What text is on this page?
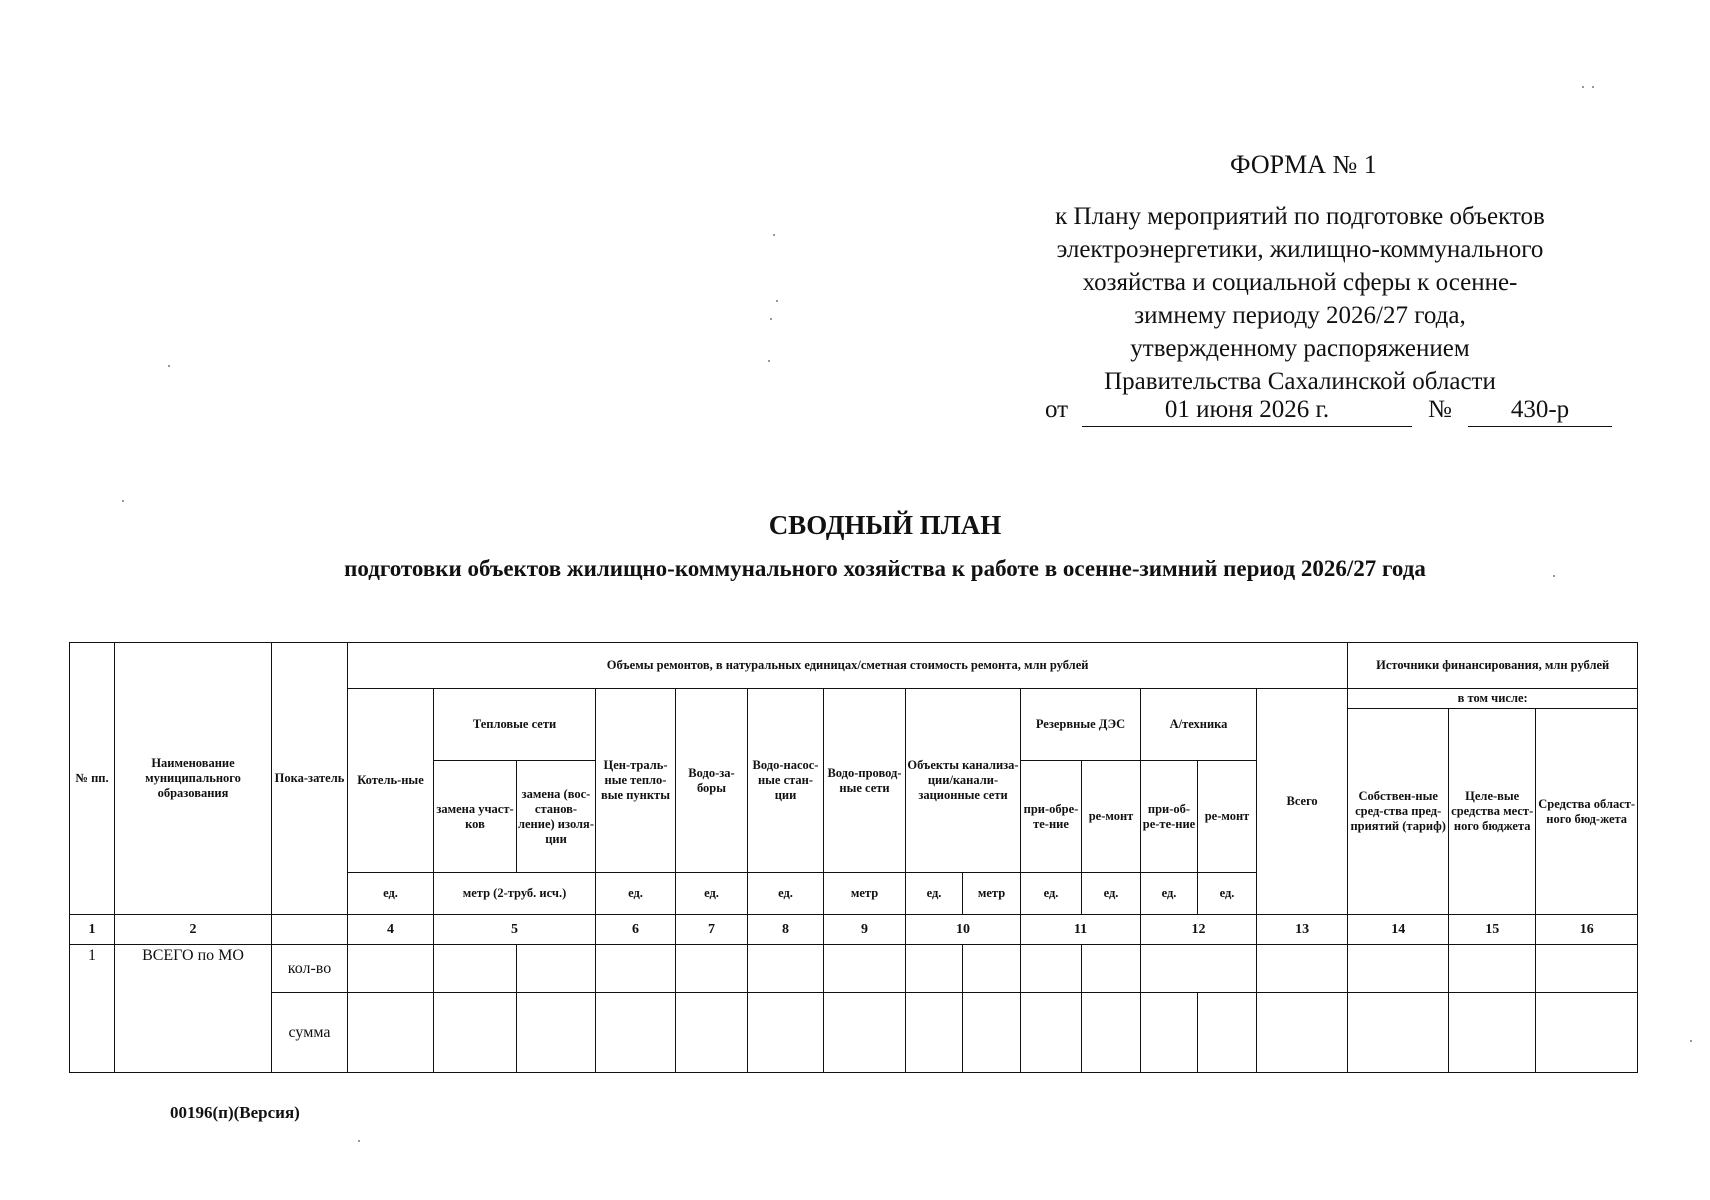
ФОРМА № 1
к Плану мероприятий по подготовке объектов
электроэнергетики, жилищно-коммунального
хозяйства и социальной сферы к осенне-
зимнему периоду 2026/27 года,
утвержденному распоряжением
Правительства Сахалинской области
от	01 июня 2026 г.	№	430-р
СВОДНЫЙ ПЛАН
подготовки объектов жилищно-коммунального хозяйства к работе в осенне-зимний период 2026/27 года
№ пп.	Наименование муниципального образования	Пока-затель	Объемы ремонтов, в натуральных единицах/сметная стоимость ремонта, млн рублей														Источники финансирования, млн рублей		
			Котель-ные	Тепловые сети		Цен-траль-ные тепло-вые пункты	Водо-за-боры	Водо-насос-ные стан-ции	Водо-провод-ные сети	Объекты канализа-ции/канали-зационные сети		Резервные ДЭС		А/техника		Всего	в том числе:		
																	Собствен-ные сред-ства пред-приятий (тариф)	Целе-вые средства мест-ного бюджета	Средства област-ного бюд-жета
				замена участ-ков	замена (вос-станов-ление) изоля-ции							при-обре-те-ние	ре-монт	при-об-ре-те-ние	ре-монт				
			ед.	метр (2-труб. исч.)		ед.	ед.	ед.	метр	ед.	метр	ед.	ед.	ед.	ед.				
1	2		4	5		6	7	8	9	10		11		12		13	14	15	16
1	ВСЕГО по МО	кол-во																	
		сумма																	
00196(п)(Версия)
